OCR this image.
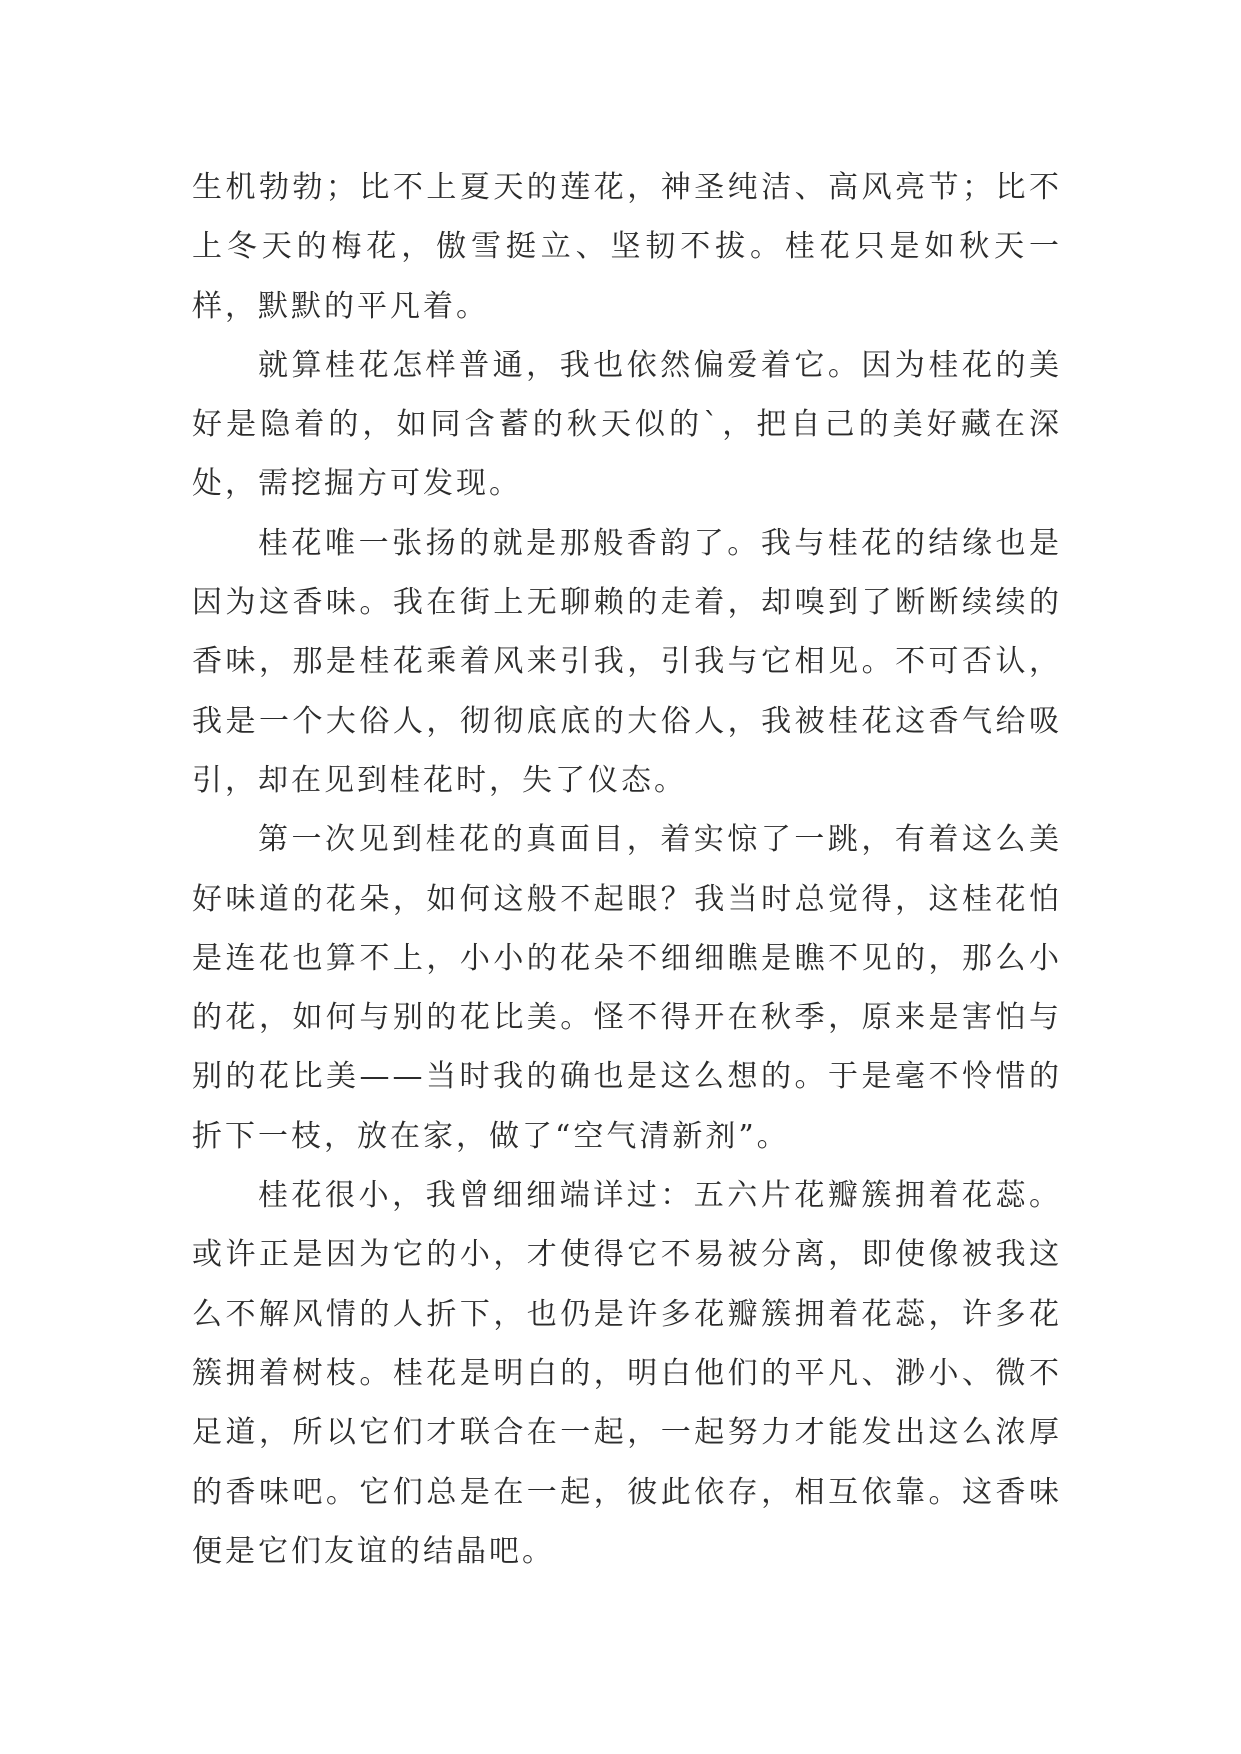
生机勃勃；比不上夏天的莲花，神圣纯洁、高风亮节；比不上冬天的梅花，傲雪挺立、坚韧不拔。桂花只是如秋天一样，默默的平凡着。

就算桂花怎样普通，我也依然偏爱着它。因为桂花的美好是隐着的，如同含蓄的秋天似的`，把自己的美好藏在深处，需挖掘方可发现。

桂花唯一张扬的就是那般香韵了。我与桂花的结缘也是因为这香味。我在街上无聊赖的走着，却嗅到了断断续续的香味，那是桂花乘着风来引我，引我与它相见。不可否认，我是一个大俗人，彻彻底底的大俗人，我被桂花这香气给吸引，却在见到桂花时，失了仪态。

第一次见到桂花的真面目，着实惊了一跳，有着这么美好味道的花朵，如何这般不起眼？我当时总觉得，这桂花怕是连花也算不上，小小的花朵不细细瞧是瞧不见的，那么小的花，如何与别的花比美。怪不得开在秋季，原来是害怕与别的花比美——当时我的确也是这么想的。于是毫不怜惜的折下一枝，放在家，做了“空气清新剂”。

桂花很小，我曾细细端详过：五六片花瓣簇拥着花蕊。或许正是因为它的小，才使得它不易被分离，即使像被我这么不解风情的人折下，也仍是许多花瓣簇拥着花蕊，许多花簇拥着树枝。桂花是明白的，明白他们的平凡、渺小、微不足道，所以它们才联合在一起，一起努力才能发出这么浓厚的香味吧。它们总是在一起，彼此依存，相互依靠。这香味便是它们友谊的结晶吧。
